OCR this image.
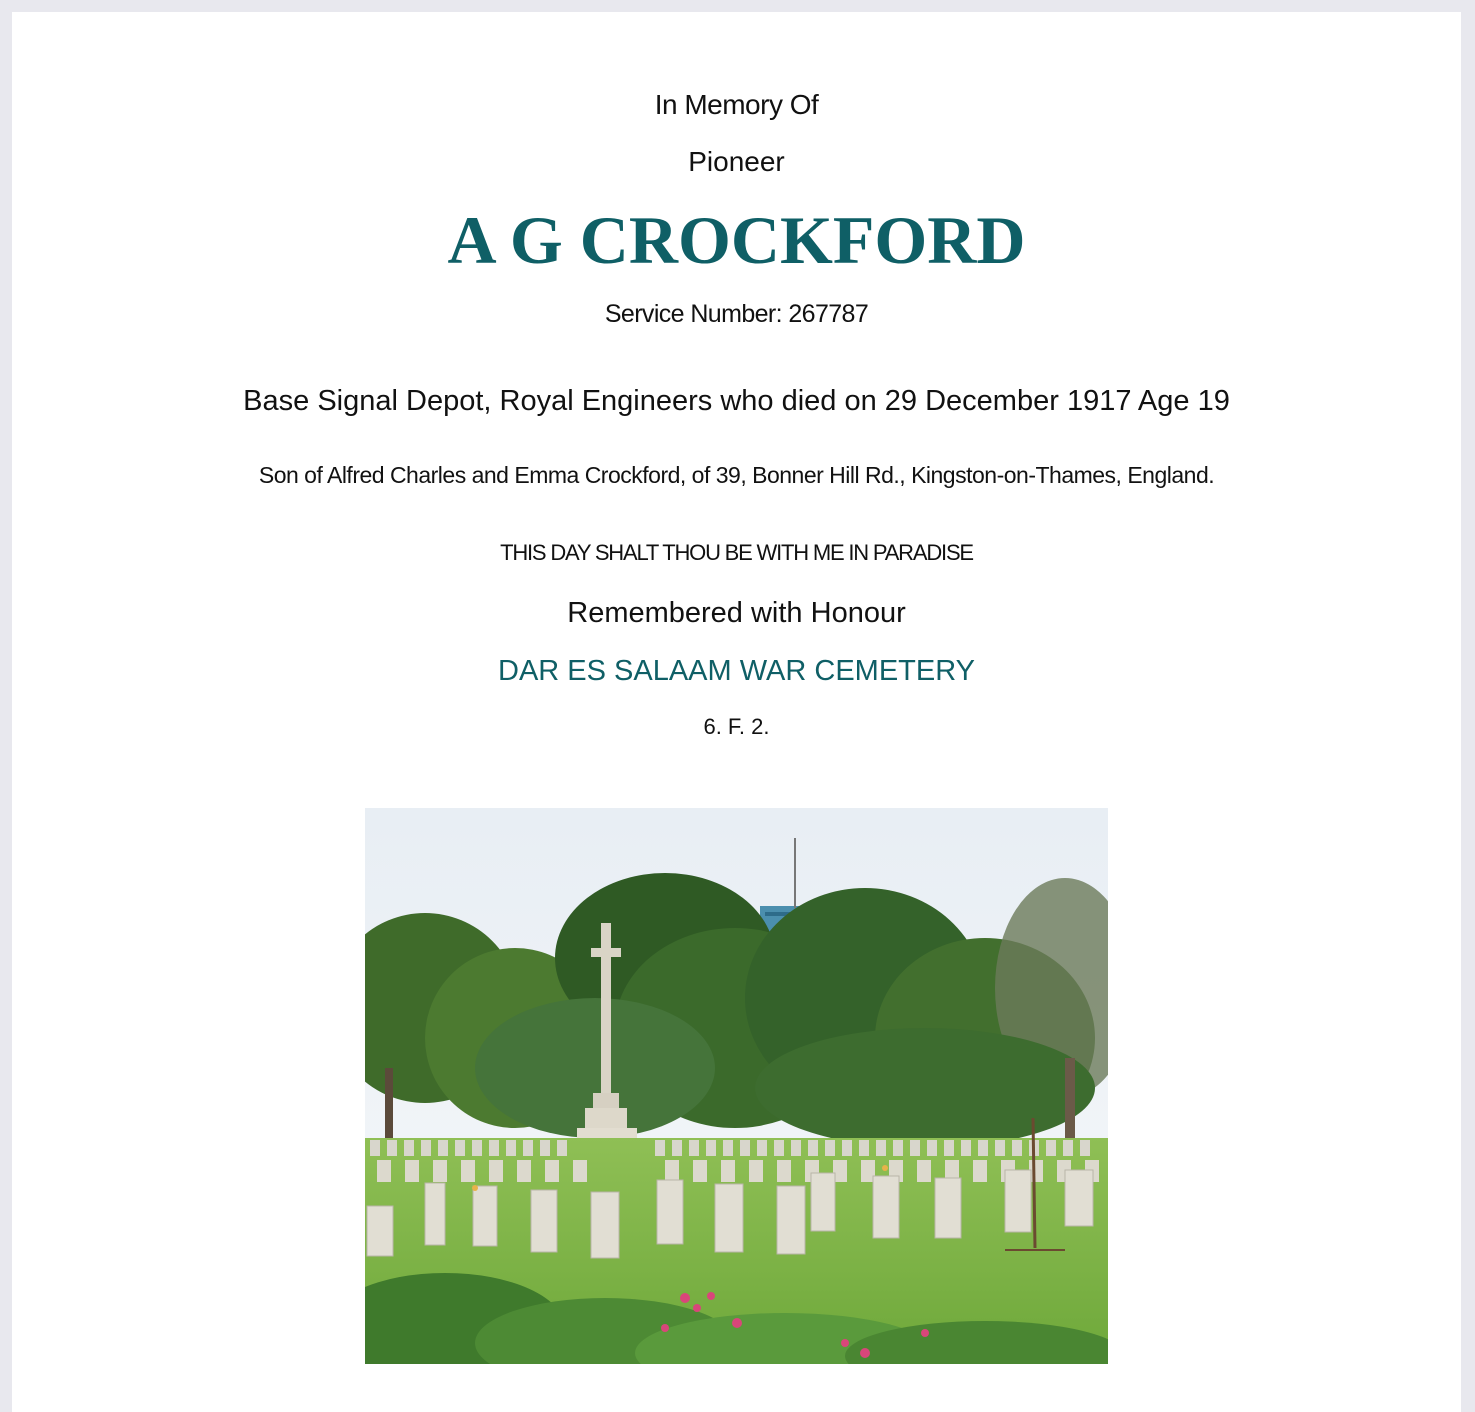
In Memory Of
Pioneer
A G CROCKFORD
Service Number: 267787
Base Signal Depot, Royal Engineers who died on 29 December 1917 Age 19
Son of Alfred Charles and Emma Crockford, of 39, Bonner Hill Rd., Kingston-on-Thames, England.
THIS DAY SHALT THOU BE WITH ME IN PARADISE
Remembered with Honour
DAR ES SALAAM WAR CEMETERY
6. F. 2.
